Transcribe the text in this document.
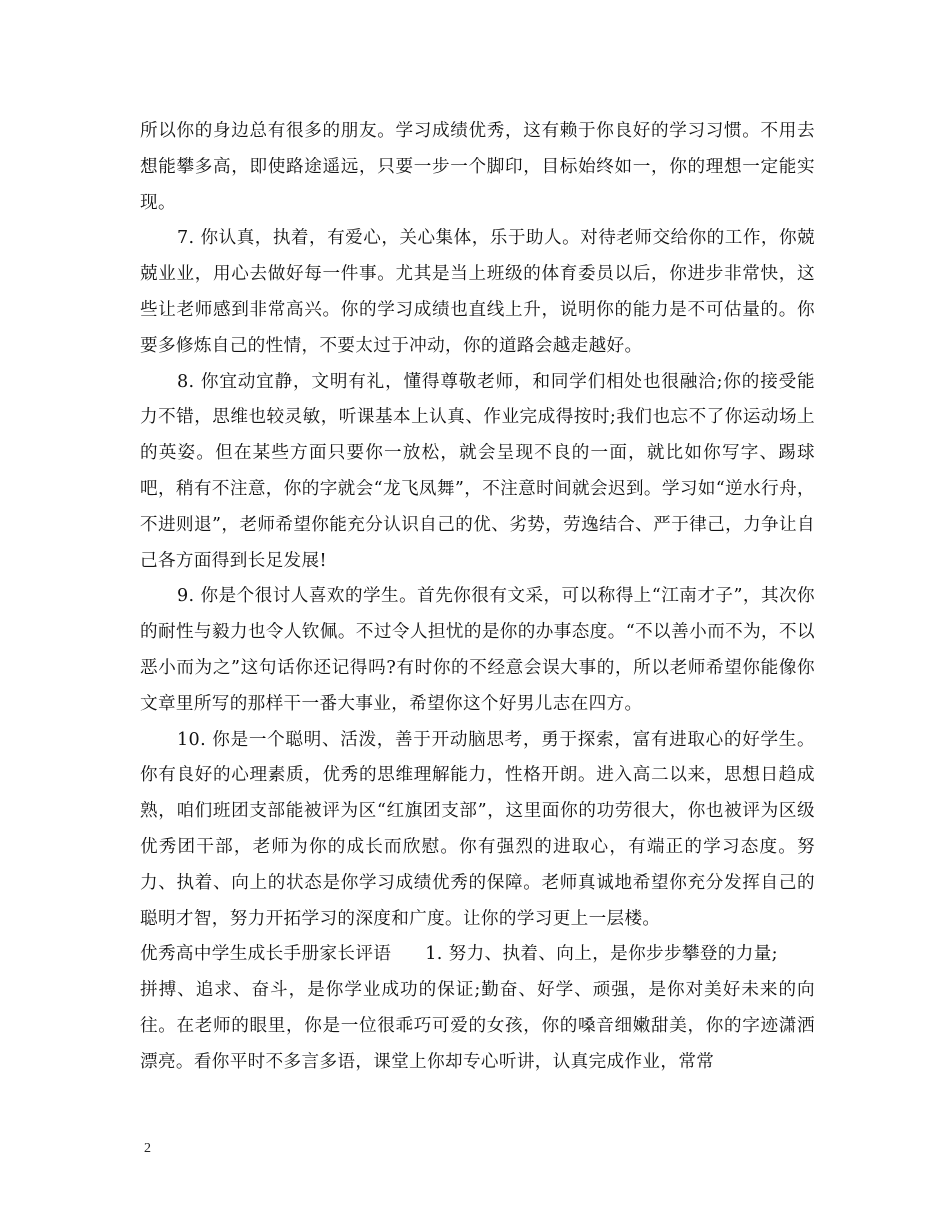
所以你的身边总有很多的朋友。学习成绩优秀，这有赖于你良好的学习习惯。不用去想能攀多高，即使路途遥远，只要一步一个脚印，目标始终如一，你的理想一定能实现。

7. 你认真，执着，有爱心，关心集体，乐于助人。对待老师交给你的工作，你兢兢业业，用心去做好每一件事。尤其是当上班级的体育委员以后，你进步非常快，这些让老师感到非常高兴。你的学习成绩也直线上升，说明你的能力是不可估量的。你要多修炼自己的性情，不要太过于冲动，你的道路会越走越好。

8. 你宜动宜静，文明有礼，懂得尊敬老师，和同学们相处也很融洽;你的接受能力不错，思维也较灵敏，听课基本上认真、作业完成得按时;我们也忘不了你运动场上的英姿。但在某些方面只要你一放松，就会呈现不良的一面，就比如你写字、踢球吧，稍有不注意，你的字就会“龙飞凤舞”，不注意时间就会迟到。学习如“逆水行舟，不进则退”，老师希望你能充分认识自己的优、劣势，劳逸结合、严于律己，力争让自己各方面得到长足发展!

9. 你是个很讨人喜欢的学生。首先你很有文采，可以称得上“江南才子”，其次你的耐性与毅力也令人钦佩。不过令人担忧的是你的办事态度。“不以善小而不为，不以恶小而为之”这句话你还记得吗?有时你的不经意会误大事的，所以老师希望你能像你文章里所写的那样干一番大事业，希望你这个好男儿志在四方。

10. 你是一个聪明、活泼，善于开动脑思考，勇于探索，富有进取心的好学生。你有良好的心理素质，优秀的思维理解能力，性格开朗。进入高二以来，思想日趋成熟，咱们班团支部能被评为区“红旗团支部”，这里面你的功劳很大，你也被评为区级优秀团干部，老师为你的成长而欣慰。你有强烈的进取心，有端正的学习态度。努力、执着、向上的状态是你学习成绩优秀的保障。老师真诚地希望你充分发挥自己的聪明才智，努力开拓学习的深度和广度。让你的学习更上一层楼。

优秀高中学生成长手册家长评语 1. 努力、执着、向上，是你步步攀登的力量;

拼搏、追求、奋斗，是你学业成功的保证;勤奋、好学、顽强，是你对美好未来的向往。在老师的眼里，你是一位很乖巧可爱的女孩，你的嗓音细嫩甜美，你的字迹潇洒漂亮。看你平时不多言多语，课堂上你却专心听讲，认真完成作业，常常

2
